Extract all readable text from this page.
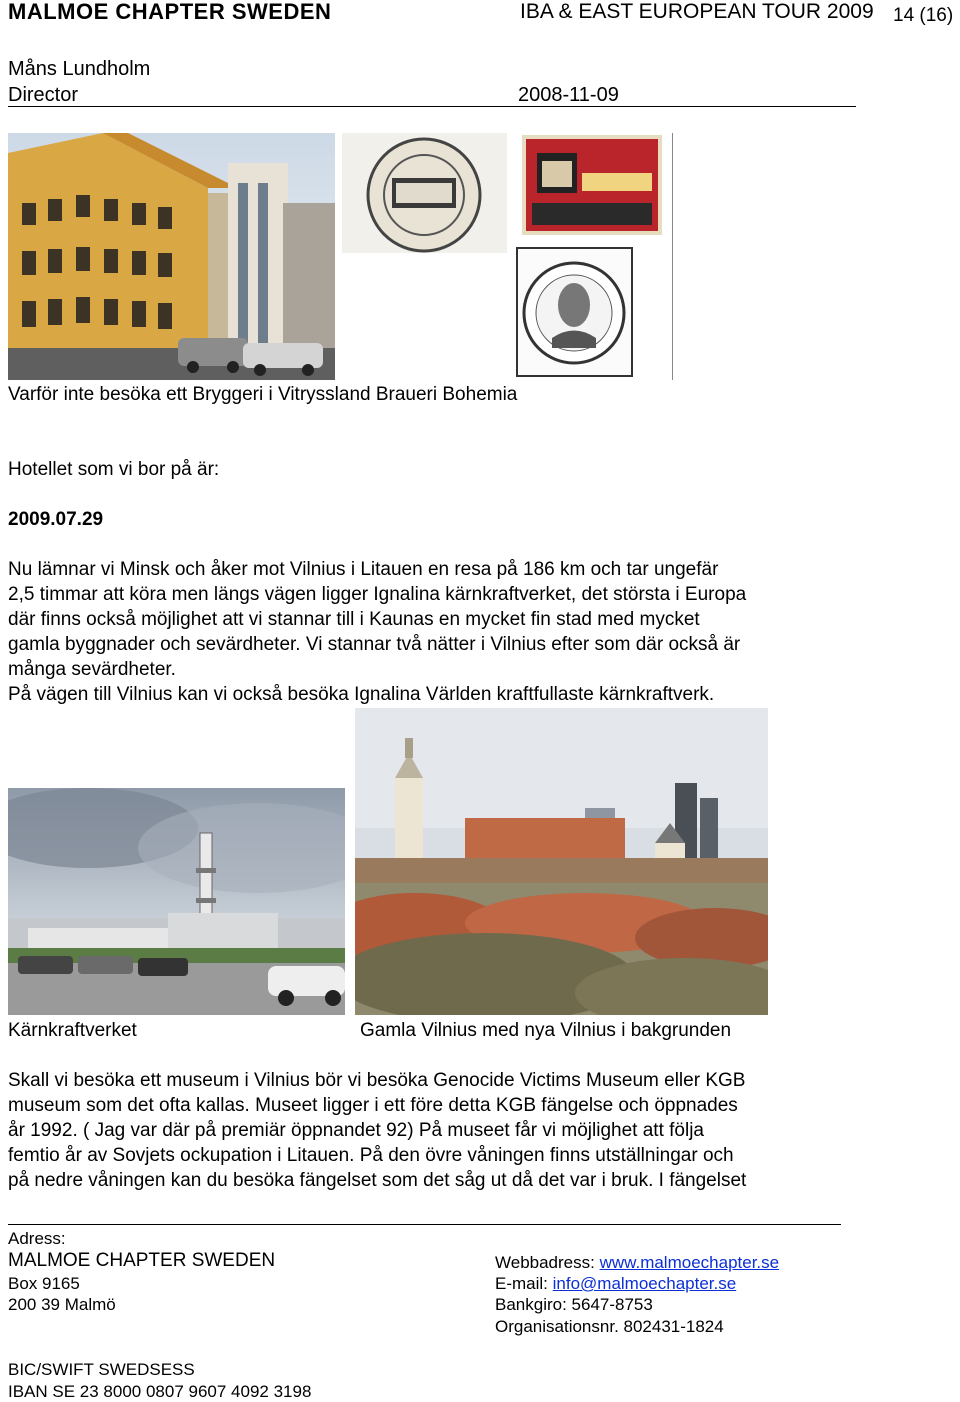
MALMOE CHAPTER SWEDEN	IBA & EAST EUROPEAN TOUR 2009 14 (16)
Måns Lundholm
Director	2008-11-09
Varför inte besöka ett Bryggeri i Vitryssland Braueri Bohemia
Hotellet som vi bor på är:
2009.07.29
Nu lämnar vi Minsk och åker mot Vilnius i Litauen en resa på 186 km och tar ungefär
2,5 timmar att köra men längs vägen ligger Ignalina kärnkraftverket, det största i Europa
där finns också möjlighet att vi stannar till i Kaunas en mycket fin stad med mycket
gamla byggnader och sevärdheter. Vi stannar två nätter i Vilnius efter som där också är
många sevärdheter.
På vägen till Vilnius kan vi också besöka Ignalina Världen kraftfullaste kärnkraftverk.
Kärnkraftverket	Gamla Vilnius med nya Vilnius i bakgrunden
Skall vi besöka ett museum i Vilnius bör vi besöka Genocide Victims Museum eller KGB
museum som det ofta kallas. Museet ligger i ett före detta KGB fängelse och öppnades
år 1992. ( Jag var där på premiär öppnandet 92) På museet får vi möjlighet att följa
femtio år av Sovjets ockupation i Litauen. På den övre våningen finns utställningar och
på nedre våningen kan du besöka fängelset som det såg ut då det var i bruk. I fängelset
Adress:
MALMOE CHAPTER SWEDEN
Box 9165
200 39 Malmö
Webbadress: www.malmoechapter.se
E-mail: info@malmoechapter.se
Bankgiro: 5647-8753
Organisationsnr. 802431-1824
BIC/SWIFT SWEDSESS
IBAN SE 23 8000 0807 9607 4092 3198
